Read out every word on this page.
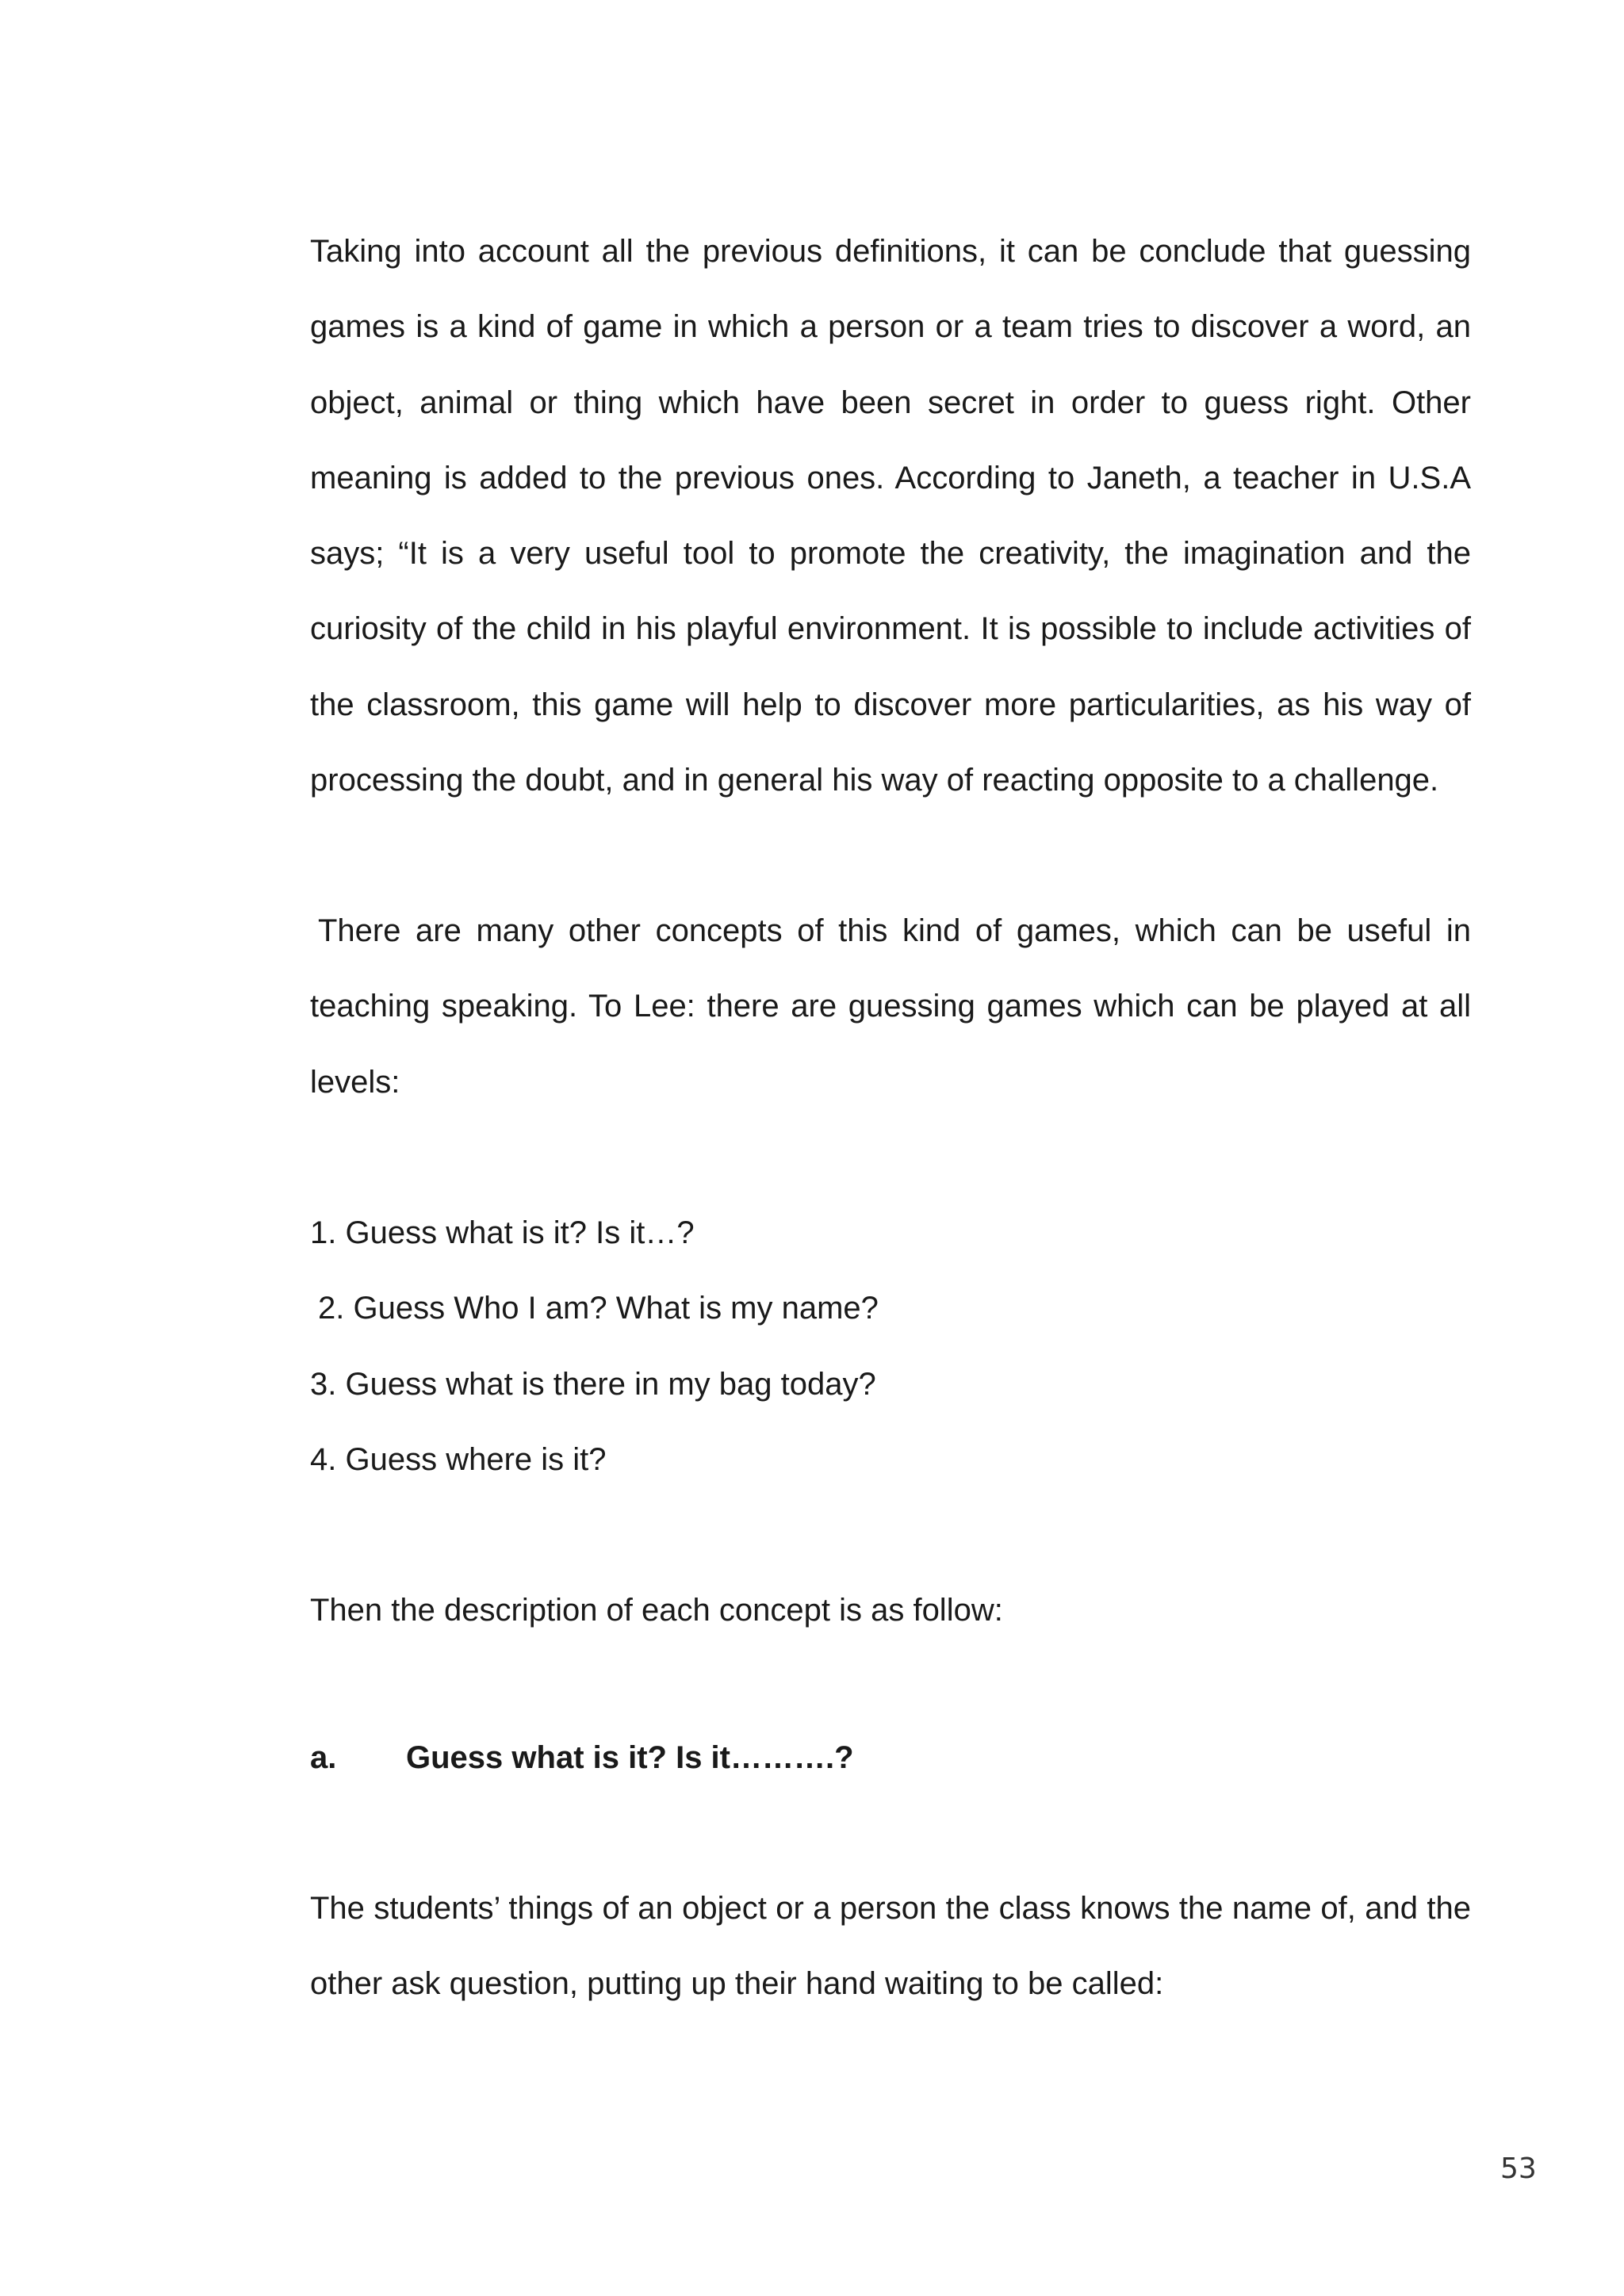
Taking into account all the previous definitions, it can be conclude that guessing games is a kind of game in which a person or a team tries to discover a word, an object, animal or thing which have been secret in order to guess right. Other meaning is added to the previous ones. According to Janeth, a teacher in U.S.A says; “It is a very useful tool to promote the creativity, the imagination and the curiosity of the child in his playful environment. It is possible to include activities of the classroom, this game will help to discover more particularities, as his way of processing the doubt, and in general his way of reacting opposite to a challenge.
There are many other concepts of this kind of games, which can be useful in teaching speaking. To Lee: there are guessing games which can be played at all levels:
1. Guess what is it? Is it…?
2. Guess Who I am? What is my name?
3. Guess what is there in my bag today?
4. Guess where is it?
Then the description of each concept is as follow:
a. Guess what is it? Is it……….?
The students’ things of an object or a person the class knows the name of, and the other ask question, putting up their hand waiting to be called:
53
